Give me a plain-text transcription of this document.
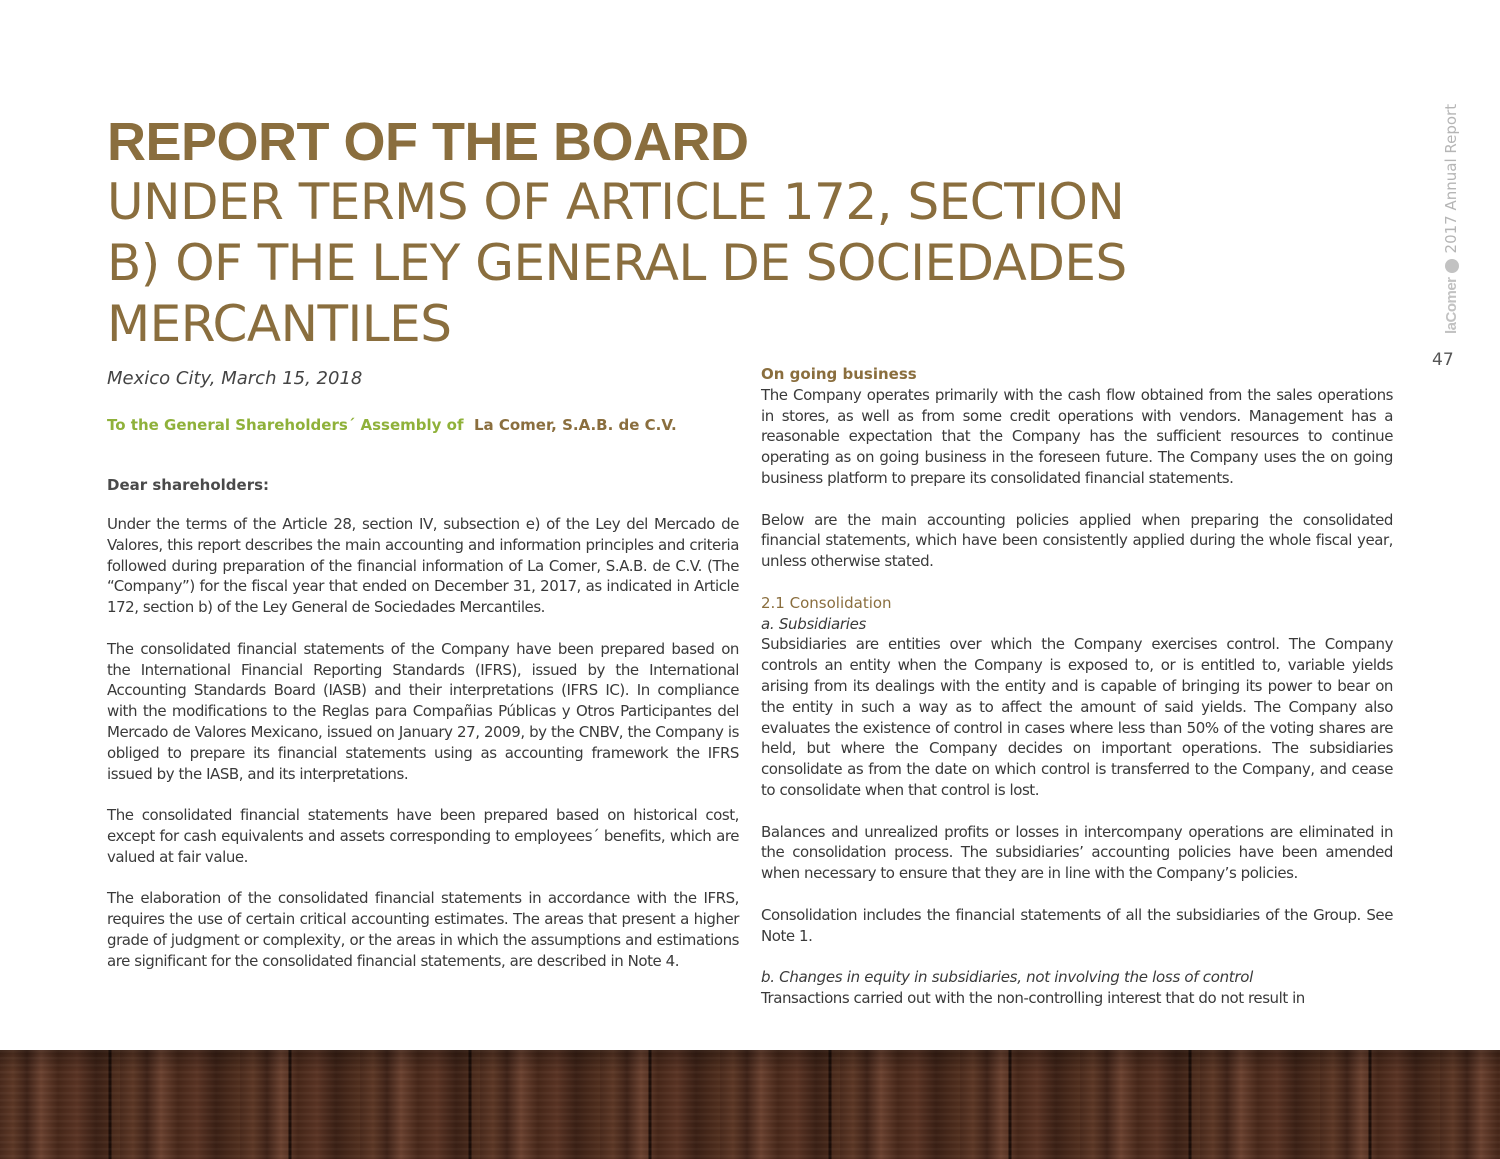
REPORT OF THE BOARD
UNDER TERMS OF ARTICLE 172, SECTION
B) OF THE LEY GENERAL DE SOCIEDADES
MERCANTILES	laComer2017 Annual Report
47

Mexico City, March 15, 2018

To the General Shareholders´ Assembly of La Comer, S.A.B. de C.V.

Dear shareholders:

Under the terms of the Article 28, section IV, subsection e) of the Ley del Mercado de Valores, this report describes the main accounting and information principles and criteria followed during preparation of the financial information of La Comer, S.A.B. de C.V. (The “Company”) for the fiscal year that ended on December 31, 2017, as indicated in Article 172, section b) of the Ley General de Sociedades Mercantiles.

The consolidated financial statements of the Company have been prepared based on the International Financial Reporting Standards (IFRS), issued by the International Accounting Standards Board (IASB) and their interpretations (IFRS IC). In compliance with the modifications to the Reglas para Compañias Públicas y Otros Participantes del Mercado de Valores Mexicano, issued on January 27, 2009, by the CNBV, the Company is obliged to prepare its financial statements using as accounting framework the IFRS issued by the IASB, and its interpretations.

The consolidated financial statements have been prepared based on historical cost, except for cash equivalents and assets corresponding to employees´ benefits, which are valued at fair value.

The elaboration of the consolidated financial statements in accordance with the IFRS, requires the use of certain critical accounting estimates. The areas that present a higher grade of judgment or complexity, or the areas in which the assumptions and estimations are significant for the consolidated financial statements, are described in Note 4.

On going business

The Company operates primarily with the cash flow obtained from the sales operations in stores, as well as from some credit operations with vendors. Management has a reasonable expectation that the Company has the sufficient resources to continue operating as on going business in the foreseen future. The Company uses the on going business platform to prepare its consolidated financial statements.

Below are the main accounting policies applied when preparing the consolidated financial statements, which have been consistently applied during the whole fiscal year, unless otherwise stated.

2.1 Consolidation

a. Subsidiaries

Subsidiaries are entities over which the Company exercises control. The Company controls an entity when the Company is exposed to, or is entitled to, variable yields arising from its dealings with the entity and is capable of bringing its power to bear on the entity in such a way as to affect the amount of said yields. The Company also evaluates the existence of control in cases where less than 50% of the voting shares are held, but where the Company decides on important operations. The subsidiaries consolidate as from the date on which control is transferred to the Company, and cease to consolidate when that control is lost.

Balances and unrealized profits or losses in intercompany operations are eliminated in the consolidation process. The subsidiaries’ accounting policies have been amended when necessary to ensure that they are in line with the Company’s policies.

Consolidation includes the financial statements of all the subsidiaries of the Group. See Note 1.

b. Changes in equity in subsidiaries, not involving the loss of control

Transactions carried out with the non-controlling interest that do not result in
